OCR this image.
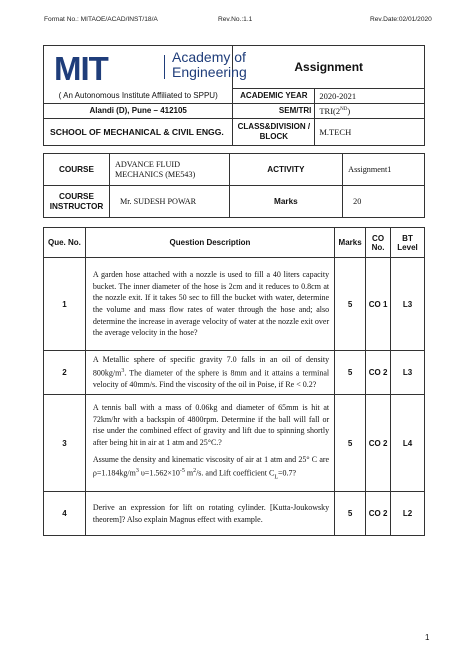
Format No.: MITAOE/ACAD/INST/18/A	Rev.No.:1.1	Rev.Date:02/01/2020
MIT Academy of
Engineering	Assignment	
( An Autonomous Institute Affiliated to SPPU)	ACADEMIC YEAR	2020-2021
Alandi (D), Pune – 412105	SEM/TRI	TRI(2ND)
SCHOOL OF MECHANICAL & CIVIL ENGG.	CLASS&DIVISION / BLOCK	M.TECH
COURSE	ADVANCE FLUID MECHANICS (ME543)	ACTIVITY	Assignment1
COURSE INSTRUCTOR	Mr. SUDESH POWAR	Marks	20
Que. No.	Question Description	Marks	CO No.	BT Level
1	A garden hose attached with a nozzle is used to fill a 40 liters capacity bucket. The inner diameter of the hose is 2cm and it reduces to 0.8cm at the nozzle exit. If it takes 50 sec to fill the bucket with water, determine the volume and mass flow rates of water through the hose and; also determine the increase in average velocity of water at the nozzle exit over the average velocity in the hose?	5	CO 1	L3
2	A Metallic sphere of specific gravity 7.0 falls in an oil of density $800kg/m^3$. The diameter of the sphere is 8mm and it attains a terminal velocity of 40mm/s. Find the viscosity of the oil in Poise, if Re < 0.2?	5	CO 2	L3
3	A tennis ball with a mass of 0.06kg and diameter of 65mm is hit at 72km/hr with a backspin of 4800rpm. Determine if the ball will fall or rise under the combined effect of gravity and lift due to spinning shortly after being hit in air at 1 atm and 25°C.?

Assume the density and kinematic viscosity of air at 1 atm and 25° C are $\rho=1.184kg/m^3$ $\upsilon=1.562\times 10^{-5}$ $m^2/s$. and Lift coefficient $C_L=0.7$?	5	CO 2	L4
4	Derive an expression for lift on rotating cylinder. [Kutta-Joukowsky theorem]? Also explain Magnus effect with example.	5	CO 2	L2
1
